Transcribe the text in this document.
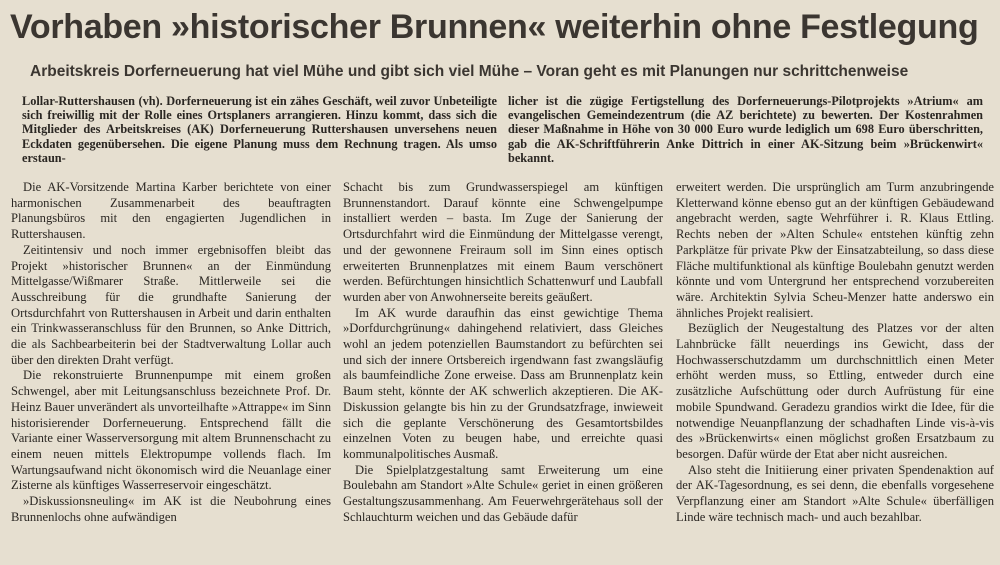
Vorhaben »historischer Brunnen« weiterhin ohne Festlegung
Arbeitskreis Dorferneuerung hat viel Mühe und gibt sich viel Mühe – Voran geht es mit Planungen nur schrittchenweise
Lollar-Ruttershausen (vh). Dorferneuerung ist ein zähes Geschäft, weil zuvor Unbeteiligte sich freiwillig mit der Rolle eines Ortsplaners arrangieren. Hinzu kommt, dass sich die Mitglieder des Arbeitskreises (AK) Dorferneuerung Ruttershausen unversehens neuen Eckdaten gegenübersehen. Die eigene Planung muss dem Rechnung tragen. Als umso erstaun-
licher ist die zügige Fertigstellung des Dorferneuerungs-Pilotprojekts »Atrium« am evangelischen Gemeindezentrum (die AZ berichtete) zu bewerten. Der Kostenrahmen dieser Maßnahme in Höhe von 30 000 Euro wurde lediglich um 698 Euro überschritten, gab die AK-Schriftführerin Anke Dittrich in einer AK-Sitzung beim »Brückenwirt« bekannt.

Die AK-Vorsitzende Martina Karber berichtete von einer harmonischen Zusammenarbeit des beauftragten Planungsbüros mit den engagierten Jugendlichen in Ruttershausen.

Zeitintensiv und noch immer ergebnisoffen bleibt das Projekt »historischer Brunnen« an der Einmündung Mittelgasse/Wißmarer Straße. Mittlerweile sei die Ausschreibung für die grundhafte Sanierung der Ortsdurchfahrt von Ruttershausen in Arbeit und darin enthalten ein Trinkwasseranschluss für den Brunnen, so Anke Dittrich, die als Sachbearbeiterin bei der Stadtverwaltung Lollar auch über den direkten Draht verfügt.

Die rekonstruierte Brunnenpumpe mit einem großen Schwengel, aber mit Leitungsanschluss bezeichnete Prof. Dr. Heinz Bauer unverändert als unvorteilhafte »Attrappe« im Sinn historisierender Dorferneuerung. Entsprechend fällt die Variante einer Wasserversorgung mit altem Brunnenschacht zu einem neuen mittels Elektropumpe vollends flach. Im Wartungsaufwand nicht ökonomisch wird die Neuanlage einer Zisterne als künftiges Wasserreservoir eingeschätzt.

»Diskussionsneuling« im AK ist die Neubohrung eines Brunnenlochs ohne aufwändigen

Schacht bis zum Grundwasserspiegel am künftigen Brunnenstandort. Darauf könnte eine Schwengelpumpe installiert werden – basta. Im Zuge der Sanierung der Ortsdurchfahrt wird die Einmündung der Mittelgasse verengt, und der gewonnene Freiraum soll im Sinn eines optisch erweiterten Brunnenplatzes mit einem Baum verschönert werden. Befürchtungen hinsichtlich Schattenwurf und Laubfall wurden aber von Anwohnerseite bereits geäußert.

Im AK wurde daraufhin das einst gewichtige Thema »Dorfdurchgrünung« dahingehend relativiert, dass Gleiches wohl an jedem potenziellen Baumstandort zu befürchten sei und sich der innere Ortsbereich irgendwann fast zwangsläufig als baumfeindliche Zone erweise. Dass am Brunnenplatz kein Baum steht, könnte der AK schwerlich akzeptieren. Die AK-Diskussion gelangte bis hin zu der Grundsatzfrage, inwieweit sich die geplante Verschönerung des Gesamtortsbildes einzelnen Voten zu beugen habe, und erreichte quasi kommunalpolitisches Ausmaß.

Die Spielplatzgestaltung samt Erweiterung um eine Boulebahn am Standort »Alte Schule« geriet in einen größeren Gestaltungszusammenhang. Am Feuerwehrgerätehaus soll der Schlauchturm weichen und das Gebäude dafür

erweitert werden. Die ursprünglich am Turm anzubringende Kletterwand könne ebenso gut an der künftigen Gebäudewand angebracht werden, sagte Wehrführer i. R. Klaus Ettling. Rechts neben der »Alten Schule« entstehen künftig zehn Parkplätze für private Pkw der Einsatzabteilung, so dass diese Fläche multifunktional als künftige Boulebahn genutzt werden könnte und vom Untergrund her entsprechend vorzubereiten wäre. Architektin Sylvia Scheu-Menzer hatte anderswo ein ähnliches Projekt realisiert.

Bezüglich der Neugestaltung des Platzes vor der alten Lahnbrücke fällt neuerdings ins Gewicht, dass der Hochwasserschutzdamm um durchschnittlich einen Meter erhöht werden muss, so Ettling, entweder durch eine zusätzliche Aufschüttung oder durch Aufrüstung für eine mobile Spundwand. Geradezu grandios wirkt die Idee, für die notwendige Neuanpflanzung der schadhaften Linde vis-à-vis des »Brückenwirts« einen möglichst großen Ersatzbaum zu besorgen. Dafür würde der Etat aber nicht ausreichen.

Also steht die Initiierung einer privaten Spendenaktion auf der AK-Tagesordnung, es sei denn, die ebenfalls vorgesehene Verpflanzung einer am Standort »Alte Schule« überfälligen Linde wäre technisch mach- und auch bezahlbar.
